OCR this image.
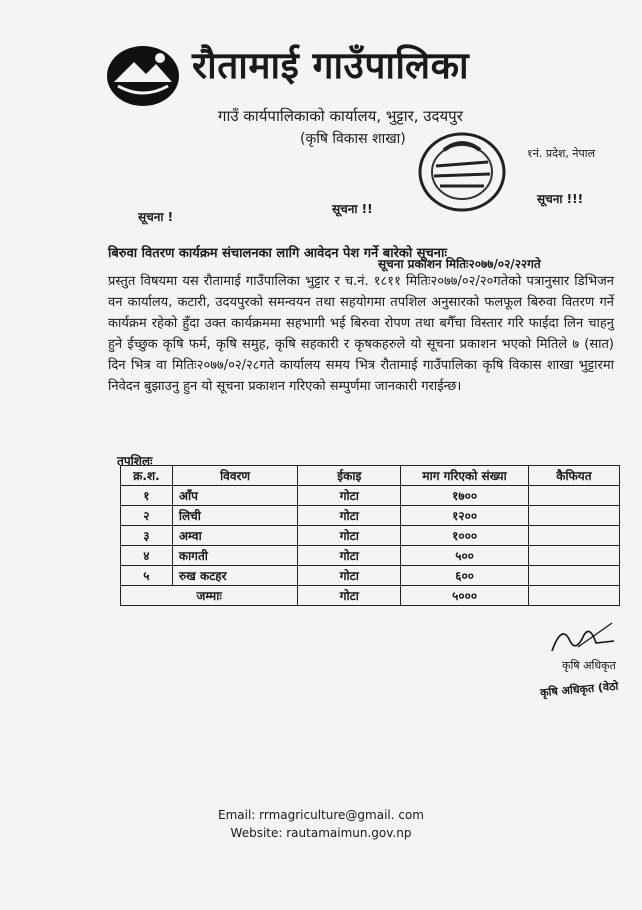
रौतामाई गाउँपालिका
गाउँ कार्यपालिकाको कार्यालय, भुट्टार, उदयपुर
(कृषि विकास शाखा)
१नं. प्रदेश, नेपाल
सूचना !
सूचना !!
सूचना !!!
बिरुवा वितरण कार्यक्रम संचालनका लागि आवेदन पेश गर्ने बारेको सूचनाः
सूचना प्रकाशन मितिः२०७७/०२/२२गते
प्रस्तुत विषयमा यस रौतामाई गाउँपालिका भुट्टार र च.नं. १८११ मितिः२०७७/०२/२०गतेको पत्रानुसार डिभिजन वन कार्यालय, कटारी, उदयपुरको समन्वयन तथा सहयोगमा तपशिल अनुसारको फलफूल बिरुवा वितरण गर्ने कार्यक्रम रहेको हुँदा उक्त कार्यक्रममा सहभागी भई बिरुवा रोपण तथा बगैँचा विस्तार गरि फाईदा लिन चाहनु हुने ईच्छुक कृषि फर्म, कृषि समुह, कृषि सहकारी र कृषकहरुले यो सूचना प्रकाशन भएको मितिले ७ (सात) दिन भित्र वा मितिः२०७७/०२/२८गते कार्यालय समय भित्र रौतामाई गाउँपालिका कृषि विकास शाखा भुट्टारमा निवेदन बुझाउनु हुन यो सूचना प्रकाशन गरिएको सम्पुर्णमा जानकारी गराईन्छ।
तपशिलः
क्र.श.	विवरण	ईकाइ	माग गरिएको संख्या	कैफियत
१	आँप	गोटा	१७००	
२	लिची	गोटा	१२००	
३	अम्वा	गोटा	१०००	
४	कागती	गोटा	५००	
५	रुख कटहर	गोटा	६००	
जम्माः		गोटा	५०००	
कृषि अधिकृत
कृषि अधिकृत (वेठो
Email: rrmagriculture@gmail. com
Website: rautamaimun.gov.np
